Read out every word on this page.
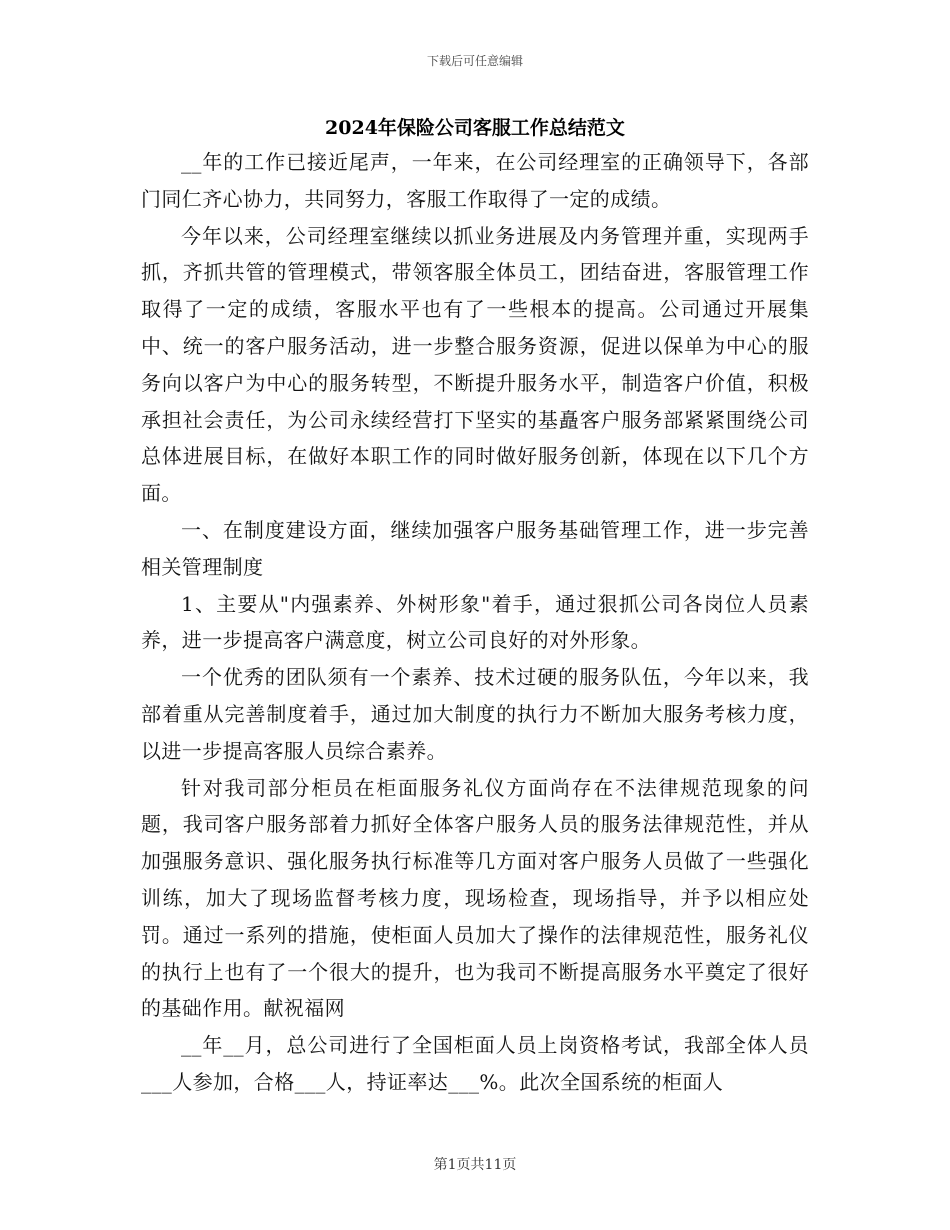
下载后可任意编辑
2024年保险公司客服工作总结范文

__年的工作已接近尾声，一年来，在公司经理室的正确领导下，各部门同仁齐心协力，共同努力，客服工作取得了一定的成绩。

今年以来，公司经理室继续以抓业务进展及内务管理并重，实现两手抓，齐抓共管的管理模式，带领客服全体员工，团结奋进，客服管理工作取得了一定的成绩，客服水平也有了一些根本的提高。公司通过开展集中、统一的客户服务活动，进一步整合服务资源，促进以保单为中心的服务向以客户为中心的服务转型，不断提升服务水平，制造客户价值，积极承担社会责任，为公司永续经营打下坚实的基矗客户服务部紧紧围绕公司总体进展目标，在做好本职工作的同时做好服务创新，体现在以下几个方面。

一、在制度建设方面，继续加强客户服务基础管理工作，进一步完善相关管理制度

1、主要从"内强素养、外树形象"着手，通过狠抓公司各岗位人员素养，进一步提高客户满意度，树立公司良好的对外形象。

一个优秀的团队须有一个素养、技术过硬的服务队伍，今年以来，我部着重从完善制度着手，通过加大制度的执行力不断加大服务考核力度，以进一步提高客服人员综合素养。

针对我司部分柜员在柜面服务礼仪方面尚存在不法律规范现象的问题，我司客户服务部着力抓好全体客户服务人员的服务法律规范性，并从加强服务意识、强化服务执行标准等几方面对客户服务人员做了一些强化训练，加大了现场监督考核力度，现场检查，现场指导，并予以相应处罚。通过一系列的措施，使柜面人员加大了操作的法律规范性，服务礼仪的执行上也有了一个很大的提升，也为我司不断提高服务水平奠定了很好的基础作用。献祝福网

__年__月，总公司进行了全国柜面人员上岗资格考试，我部全体人员___人参加，合格___人，持证率达___%。此次全国系统的柜面人

第1页共11页
